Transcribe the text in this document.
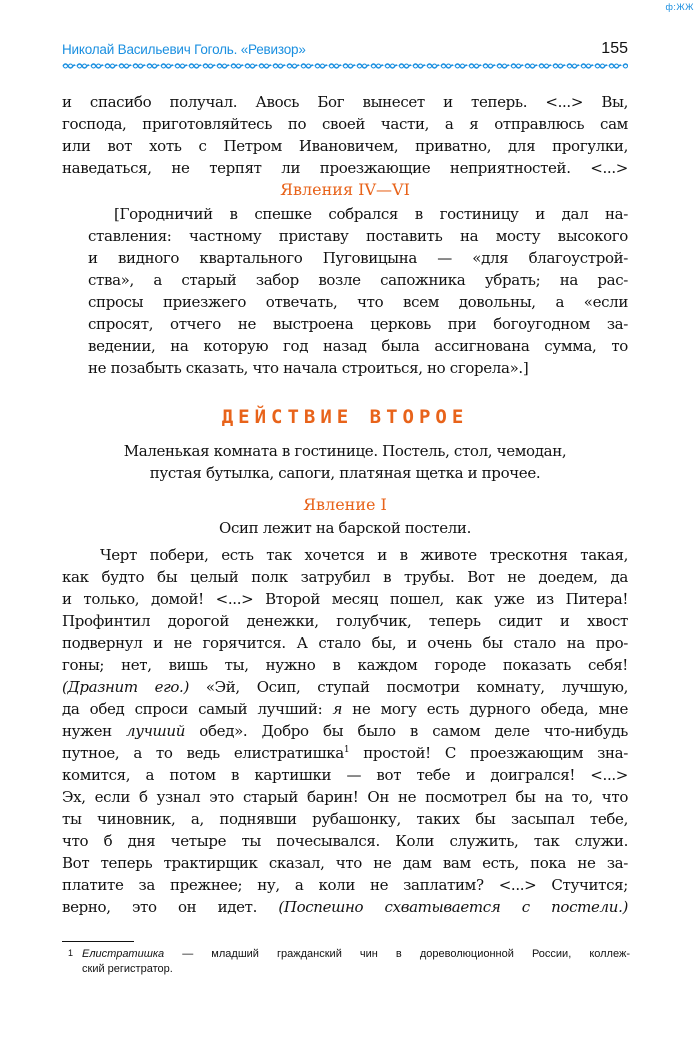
ф:ЖЖ
Николай Васильевич Гоголь. «Ревизор»	155
и спасибо получал. Авось Бог вынесет и теперь. <...> Вы,
господа, приготовляйтесь по своей части, а я отправлюсь сам
или вот хоть с Петром Ивановичем, приватно, для прогулки,
наведаться, не терпят ли проезжающие неприятностей. <...>
Явления IV—VI
[Городничий в спешке собрался в гостиницу и дал на-
ставления: частному приставу поставить на мосту высокого
и видного квартального Пуговицына — «для благоустрой-
ства», а старый забор возле сапожника убрать; на рас-
спросы приезжего отвечать, что всем довольны, а «если
спросят, отчего не выстроена церковь при богоугодном за-
ведении, на которую год назад была ассигнована сумма, то
не позабыть сказать, что начала строиться, но сгорела».]
ДЕЙСТВИЕ ВТОРОЕ
Маленькая комната в гостинице. Постель, стол, чемодан,
пустая бутылка, сапоги, платяная щетка и прочее.
Явление I
Осип лежит на барской постели.
Черт побери, есть так хочется и в животе трескотня такая,
как будто бы целый полк затрубил в трубы. Вот не доедем, да
и только, домой! <...> Второй месяц пошел, как уже из Питера!
Профинтил дорогой денежки, голубчик, теперь сидит и хвост
подвернул и не горячится. А стало бы, и очень бы стало на про-
гоны; нет, вишь ты, нужно в каждом городе показать себя!
(Дразнит его.) «Эй, Осип, ступай посмотри комнату, лучшую,
да обед спроси самый лучший: я не могу есть дурного обеда, мне
нужен лучший обед». Добро бы было в самом деле что-нибудь
путное, а то ведь елистратишка$^1$ простой! С проезжающим зна-
комится, а потом в картишки — вот тебе и доигрался! <...>
Эх, если б узнал это старый барин! Он не посмотрел бы на то, что
ты чиновник, а, поднявши рубашонку, таких бы засыпал тебе,
что б дня четыре ты почесывался. Коли служить, так служи.
Вот теперь трактирщик сказал, что не дам вам есть, пока не за-
платите за прежнее; ну, а коли не заплатим? <...> Стучится;
верно, это он идет. (Поспешно схватывается с постели.)
1 Елистратишка — младший гражданский чин в дореволюционной России, коллеж-
ский регистратор.
